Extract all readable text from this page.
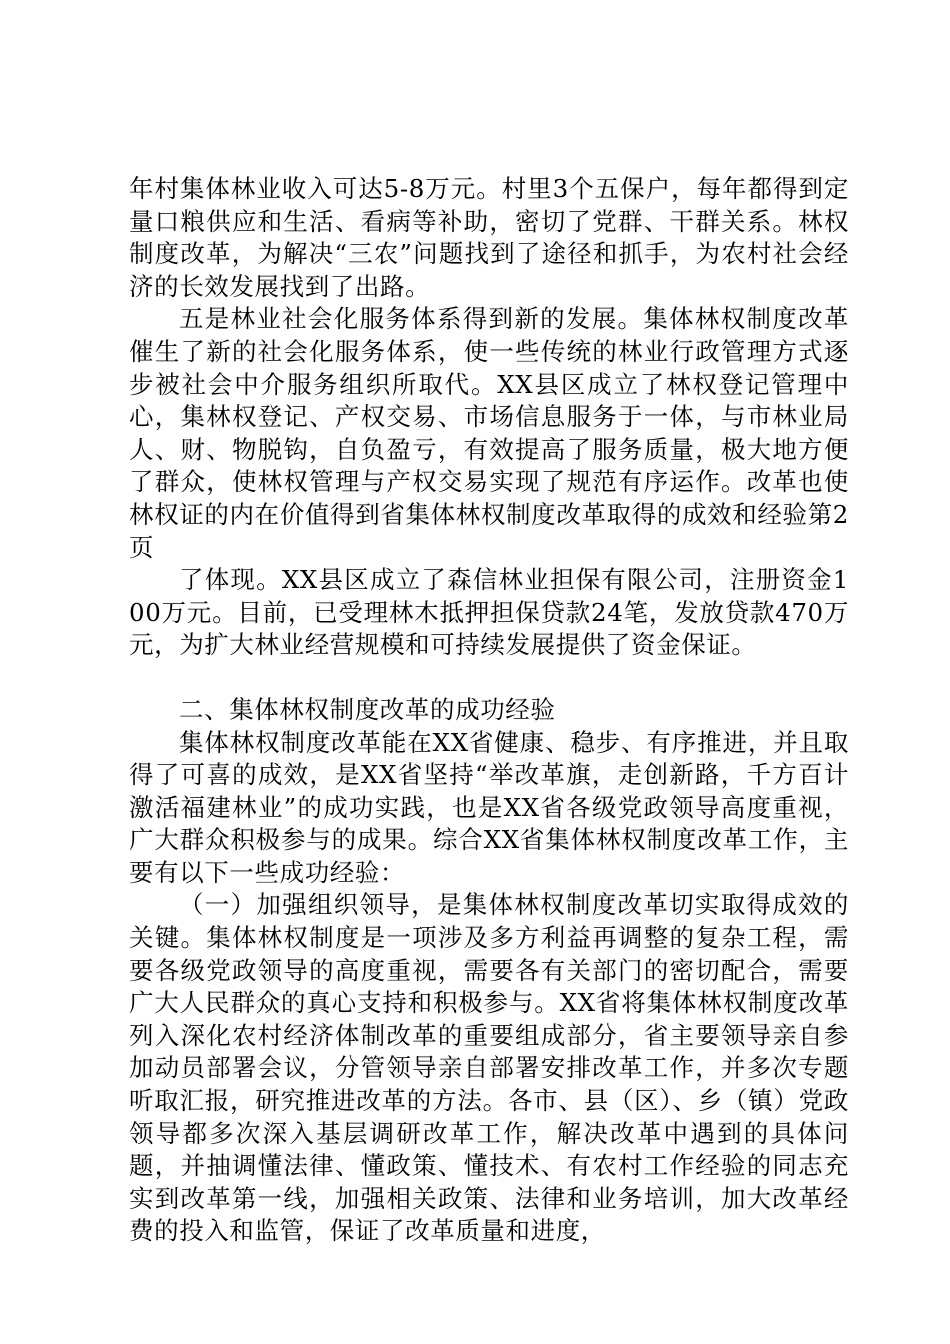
年村集体林业收入可达5-8万元。村里3个五保户，每年都得到定量口粮供应和生活、看病等补助，密切了党群、干群关系。林权制度改革，为解决“三农”问题找到了途径和抓手，为农村社会经济的长效发展找到了出路。

五是林业社会化服务体系得到新的发展。集体林权制度改革催生了新的社会化服务体系，使一些传统的林业行政管理方式逐步被社会中介服务组织所取代。XX县区成立了林权登记管理中心，集林权登记、产权交易、市场信息服务于一体，与市林业局人、财、物脱钩，自负盈亏，有效提高了服务质量，极大地方便了群众，使林权管理与产权交易实现了规范有序运作。改革也使林权证的内在价值得到省集体林权制度改革取得的成效和经验第2页

了体现。XX县区成立了森信林业担保有限公司，注册资金100万元。目前，已受理林木抵押担保贷款24笔，发放贷款470万元，为扩大林业经营规模和可持续发展提供了资金保证。

二、集体林权制度改革的成功经验

集体林权制度改革能在XX省健康、稳步、有序推进，并且取得了可喜的成效，是XX省坚持“举改革旗，走创新路，千方百计激活福建林业”的成功实践，也是XX省各级党政领导高度重视，广大群众积极参与的成果。综合XX省集体林权制度改革工作，主要有以下一些成功经验：

（一）加强组织领导，是集体林权制度改革切实取得成效的关键。集体林权制度是一项涉及多方利益再调整的复杂工程，需要各级党政领导的高度重视，需要各有关部门的密切配合，需要广大人民群众的真心支持和积极参与。XX省将集体林权制度改革列入深化农村经济体制改革的重要组成部分，省主要领导亲自参加动员部署会议，分管领导亲自部署安排改革工作，并多次专题听取汇报，研究推进改革的方法。各市、县（区）、乡（镇）党政领导都多次深入基层调研改革工作，解决改革中遇到的具体问题，并抽调懂法律、懂政策、懂技术、有农村工作经验的同志充实到改革第一线，加强相关政策、法律和业务培训，加大改革经费的投入和监管，保证了改革质量和进度，
